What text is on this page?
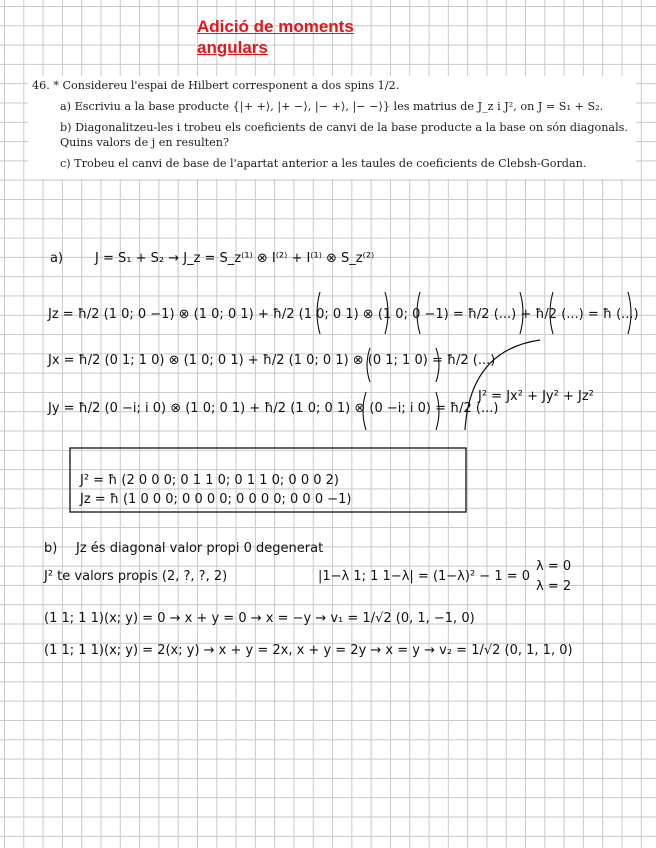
Adició de moments angulars

46. * Considereu l'espai de Hilbert corresponent a dos spins 1/2.

a) Escriviu a la base producte {|+ +⟩, |+ −⟩, |− +⟩, |− −⟩} les matrius de J_z i J², on J = S₁ + S₂.

b) Diagonalitzeu-les i trobeu els coeficients de canvi de la base producte a la base on són diagonals. Quins valors de j en resulten?

c) Trobeu el canvi de base de l'apartat anterior a les taules de coeficients de Clebsh-Gordan.

a) J = S₁ + S₂ → J_z = S_z⁽¹⁾ ⊗ I⁽²⁾ + I⁽¹⁾ ⊗ S_z⁽²⁾
Jz = ħ/2 (1 0; 0 −1) ⊗ (1 0; 0 1) + ħ/2 (1 0; 0 1) ⊗ (1 0; 0 −1) = ħ/2 (...) + ħ/2 (...) = ħ (...)
Jx = ħ/2 (0 1; 1 0) ⊗ (1 0; 0 1) + ħ/2 (1 0; 0 1) ⊗ (0 1; 1 0) = ħ/2 (...)
Jy = ħ/2 (0 −i; i 0) ⊗ (1 0; 0 1) + ħ/2 (1 0; 0 1) ⊗ (0 −i; i 0) = ħ/2 (...)
J² = Jx² + Jy² + Jz²
J² = ħ (2 0 0 0; 0 1 1 0; 0 1 1 0; 0 0 0 2)
Jz = ħ (1 0 0 0; 0 0 0 0; 0 0 0 0; 0 0 0 −1)
b) Jz és diagonal valor propi 0 degenerat
J² te valors propis (2, ?, ?, 2)	|1−λ 1; 1 1−λ| = (1−λ)² − 1 = 0
λ = 0
λ = 2
(1 1; 1 1)(x; y) = 0 → x + y = 0 → x = −y → v₁ = 1/√2 (0, 1, −1, 0)
(1 1; 1 1)(x; y) = 2(x; y) → x + y = 2x, x + y = 2y → x = y → v₂ = 1/√2 (0, 1, 1, 0)
